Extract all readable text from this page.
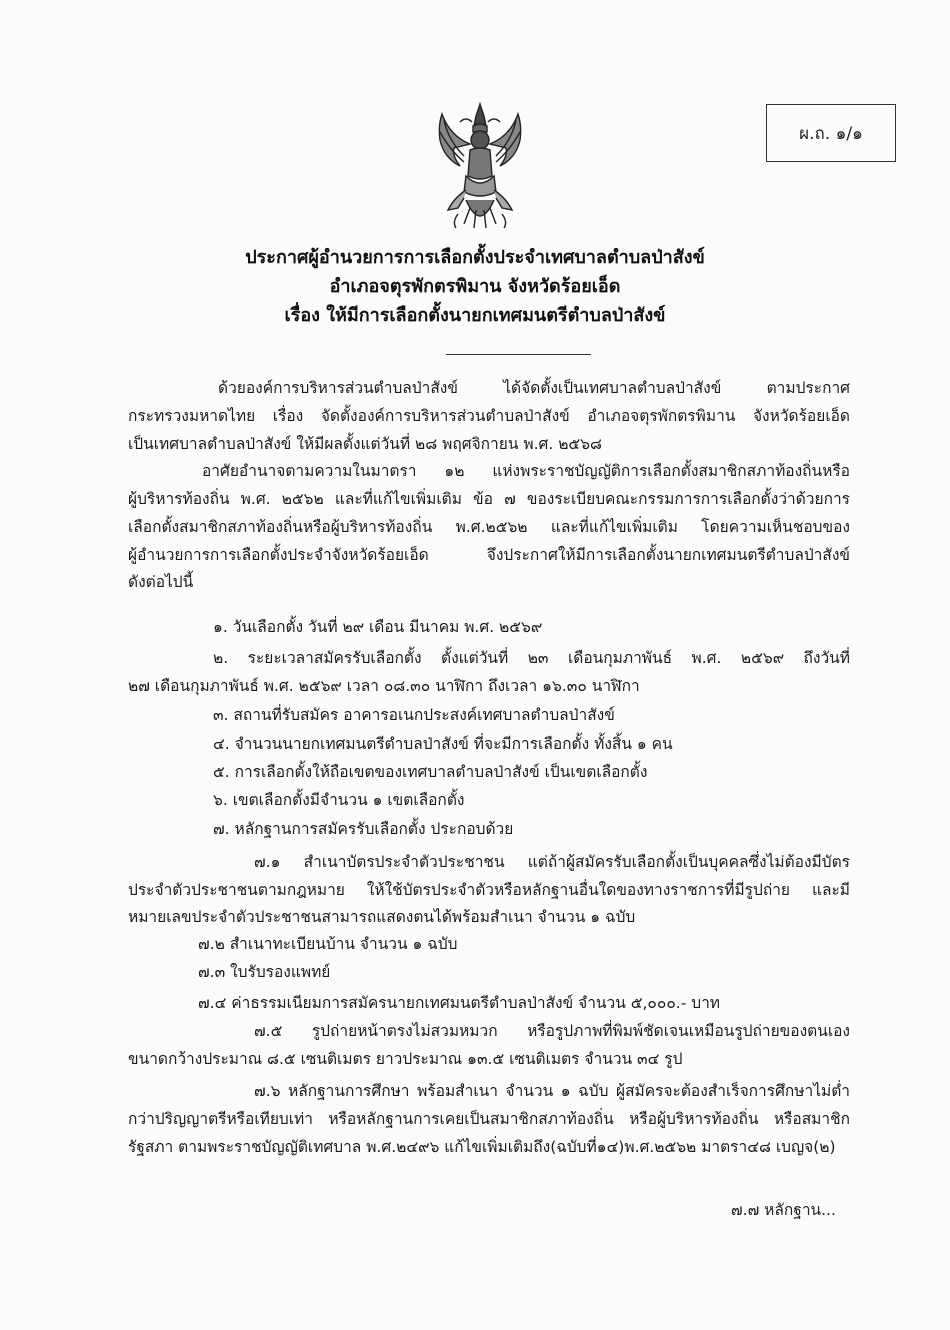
ผ.ถ. ๑/๑
ประกาศผู้อำนวยการการเลือกตั้งประจำเทศบาลตำบลป่าสังข์
อำเภอจตุรพักตรพิมาน จังหวัดร้อยเอ็ด
เรื่อง ให้มีการเลือกตั้งนายกเทศมนตรีตำบลป่าสังข์
ด้วยองค์การบริหารส่วนตำบลป่าสังข์ ได้จัดตั้งเป็นเทศบาลตำบลป่าสังข์ ตามประกาศ
กระทรวงมหาดไทย เรื่อง จัดตั้งองค์การบริหารส่วนตำบลป่าสังข์ อำเภอจตุรพักตรพิมาน จังหวัดร้อยเอ็ด
เป็นเทศบาลตำบลป่าสังข์ ให้มีผลตั้งแต่วันที่ ๒๘ พฤศจิกายน พ.ศ. ๒๕๖๘
อาศัยอำนาจตามความในมาตรา ๑๒ แห่งพระราชบัญญัติการเลือกตั้งสมาชิกสภาท้องถิ่นหรือ
ผู้บริหารท้องถิ่น พ.ศ. ๒๕๖๒ และที่แก้ไขเพิ่มเติม ข้อ ๗ ของระเบียบคณะกรรมการการเลือกตั้งว่าด้วยการ
เลือกตั้งสมาชิกสภาท้องถิ่นหรือผู้บริหารท้องถิ่น พ.ศ.๒๕๖๒ และที่แก้ไขเพิ่มเติม โดยความเห็นชอบของ
ผู้อำนวยการการเลือกตั้งประจำจังหวัดร้อยเอ็ด จึงประกาศให้มีการเลือกตั้งนายกเทศมนตรีตำบลป่าสังข์
ดังต่อไปนี้
๑. วันเลือกตั้ง วันที่ ๒๙ เดือน มีนาคม พ.ศ. ๒๕๖๙
๒. ระยะเวลาสมัครรับเลือกตั้ง ตั้งแต่วันที่ ๒๓ เดือนกุมภาพันธ์ พ.ศ. ๒๕๖๙ ถึงวันที่
๒๗ เดือนกุมภาพันธ์ พ.ศ. ๒๕๖๙ เวลา ๐๘.๓๐ นาฬิกา ถึงเวลา ๑๖.๓๐ นาฬิกา
๓. สถานที่รับสมัคร อาคารอเนกประสงค์เทศบาลตำบลป่าสังข์
๔. จำนวนนายกเทศมนตรีตำบลป่าสังข์ ที่จะมีการเลือกตั้ง ทั้งสิ้น ๑ คน
๕. การเลือกตั้งให้ถือเขตของเทศบาลตำบลป่าสังข์ เป็นเขตเลือกตั้ง
๖. เขตเลือกตั้งมีจำนวน ๑ เขตเลือกตั้ง
๗. หลักฐานการสมัครรับเลือกตั้ง ประกอบด้วย
๗.๑ สำเนาบัตรประจำตัวประชาชน แต่ถ้าผู้สมัครรับเลือกตั้งเป็นบุคคลซึ่งไม่ต้องมีบัตร
ประจำตัวประชาชนตามกฎหมาย ให้ใช้บัตรประจำตัวหรือหลักฐานอื่นใดของทางราชการที่มีรูปถ่าย และมี
หมายเลขประจำตัวประชาชนสามารถแสดงตนได้พร้อมสำเนา จำนวน ๑ ฉบับ
๗.๒ สำเนาทะเบียนบ้าน จำนวน ๑ ฉบับ
๗.๓ ใบรับรองแพทย์
๗.๔ ค่าธรรมเนียมการสมัครนายกเทศมนตรีตำบลป่าสังข์ จำนวน ๕,๐๐๐.- บาท
๗.๕ รูปถ่ายหน้าตรงไม่สวมหมวก หรือรูปภาพที่พิมพ์ชัดเจนเหมือนรูปถ่ายของตนเอง
ขนาดกว้างประมาณ ๘.๕ เซนติเมตร ยาวประมาณ ๑๓.๕ เซนติเมตร จำนวน ๓๔ รูป
๗.๖ หลักฐานการศึกษา พร้อมสำเนา จำนวน ๑ ฉบับ ผู้สมัครจะต้องสำเร็จการศึกษาไม่ต่ำ
กว่าปริญญาตรีหรือเทียบเท่า หรือหลักฐานการเคยเป็นสมาชิกสภาท้องถิ่น หรือผู้บริหารท้องถิ่น หรือสมาชิก
รัฐสภา ตามพระราชบัญญัติเทศบาล พ.ศ.๒๔๙๖ แก้ไขเพิ่มเติมถึง(ฉบับที่๑๔)พ.ศ.๒๕๖๒ มาตรา๔๘ เบญจ(๒)
๗.๗ หลักฐาน...
